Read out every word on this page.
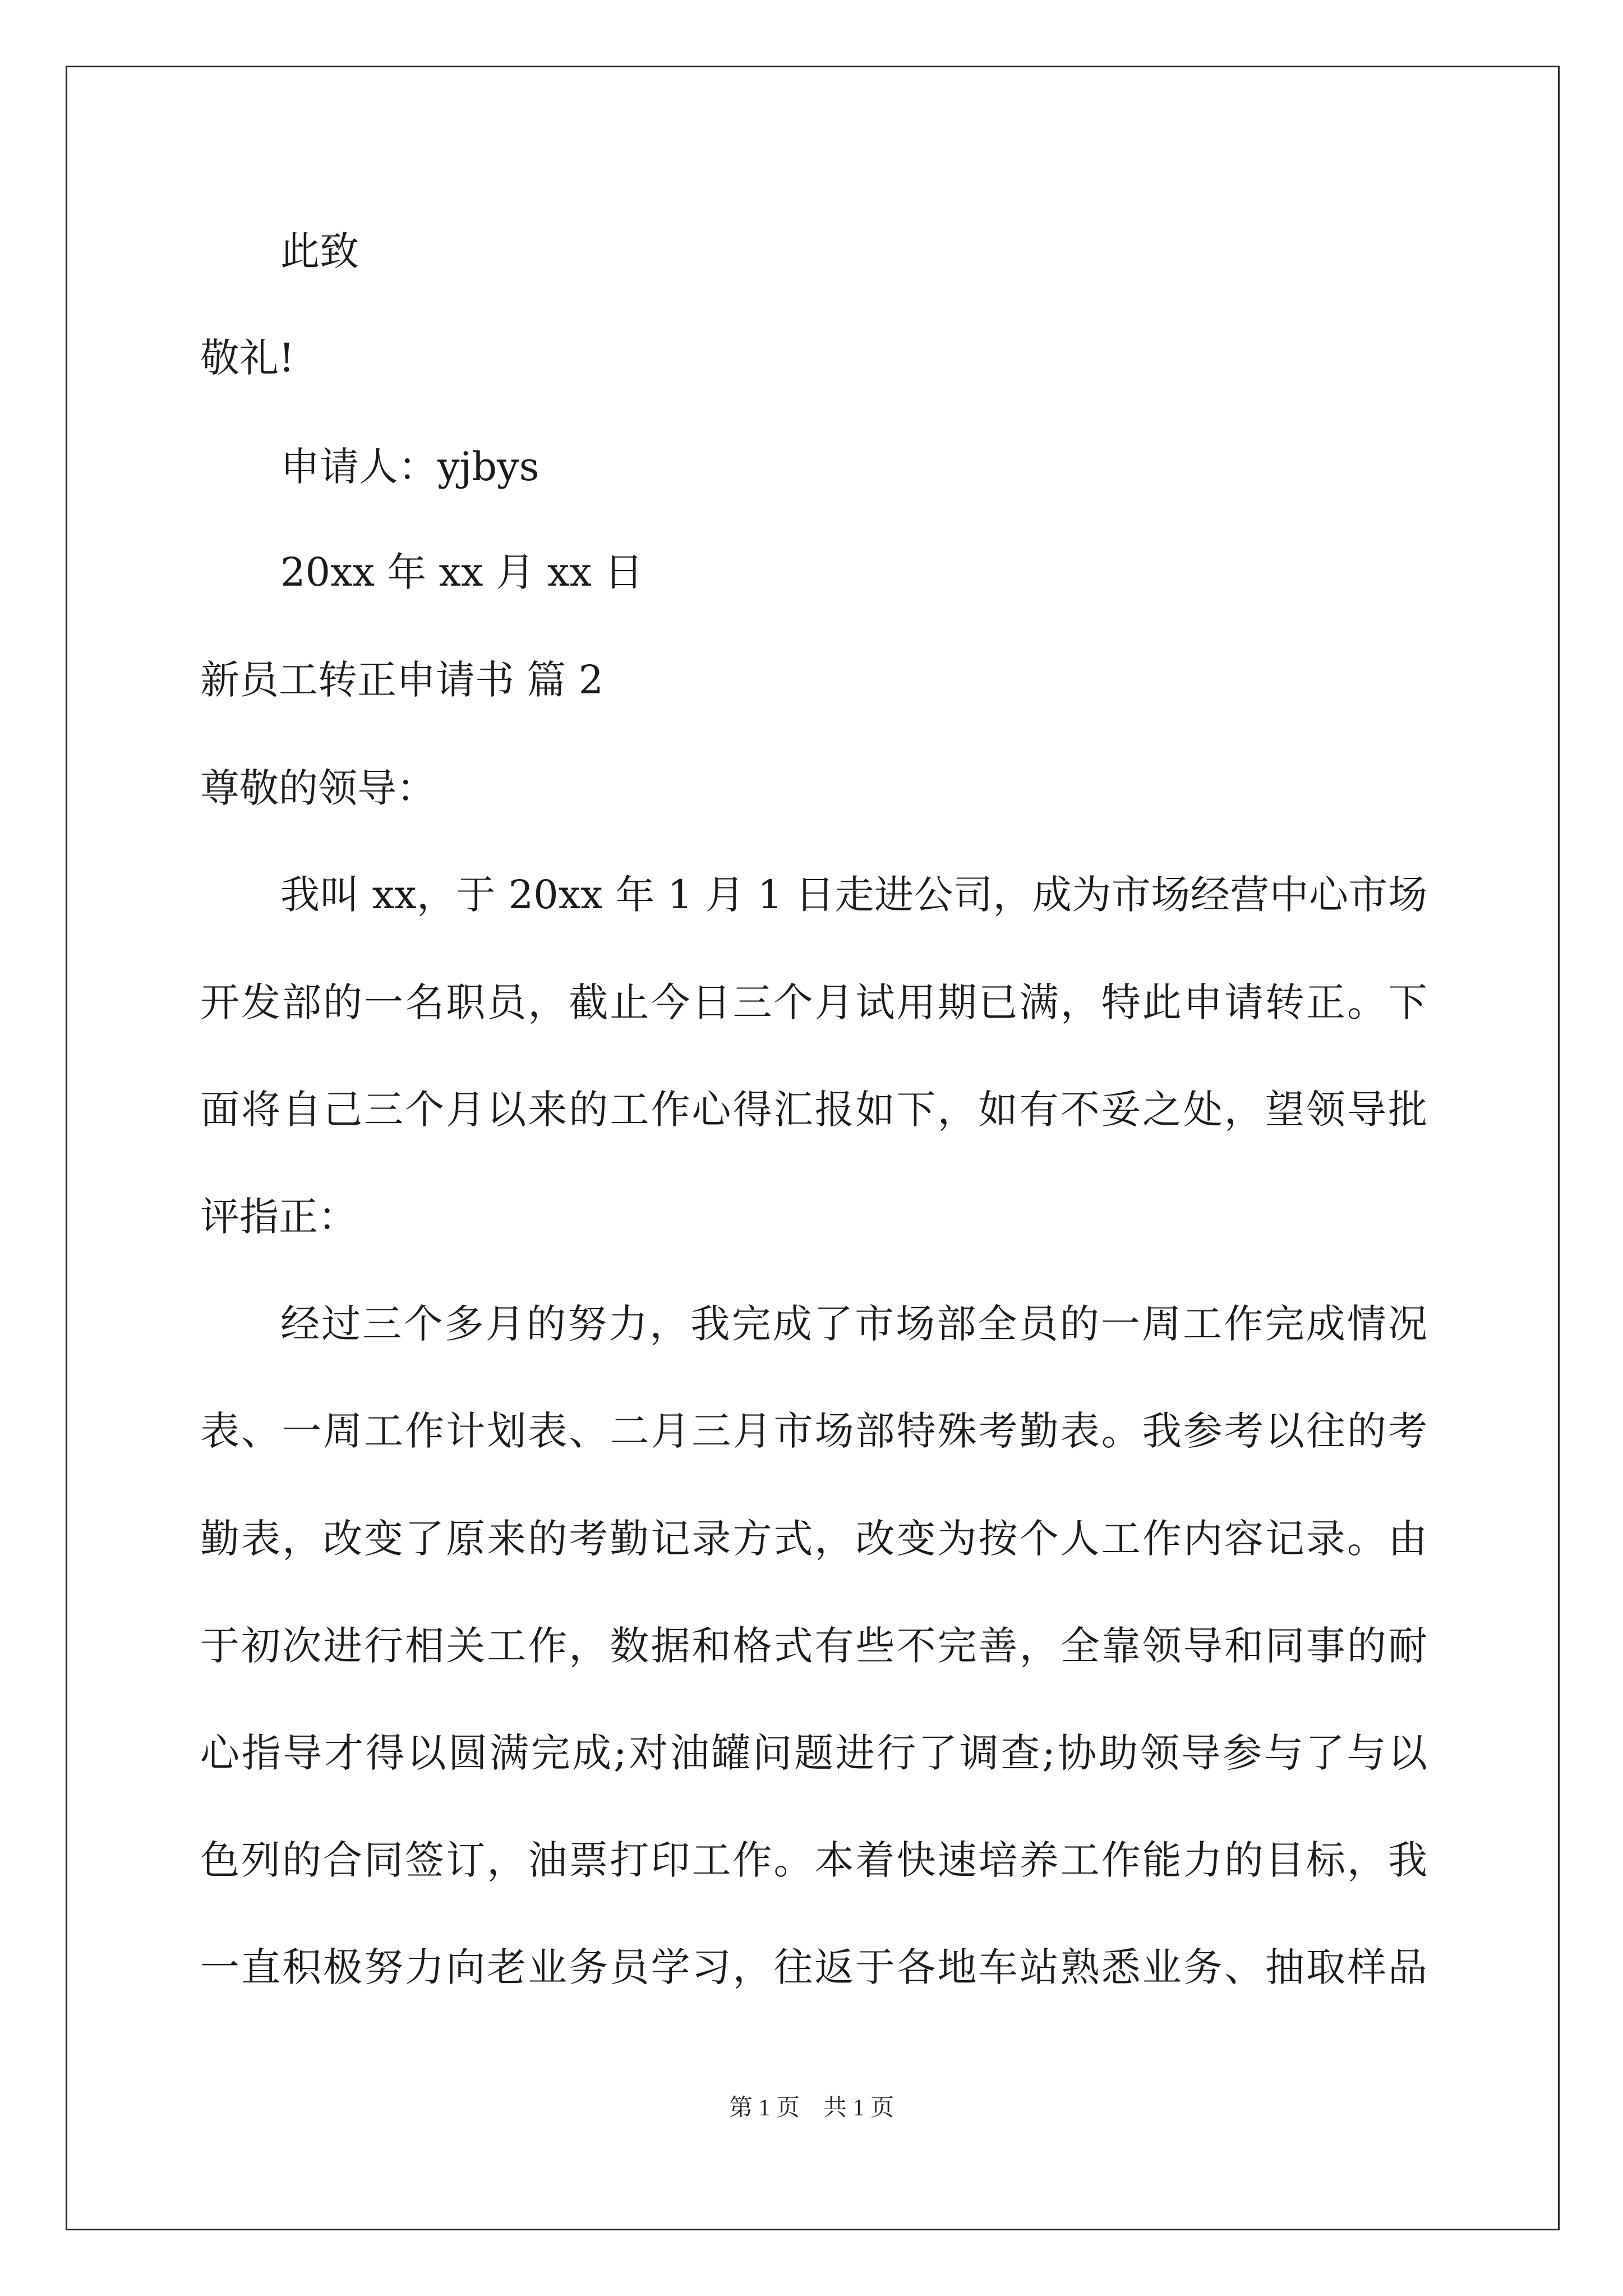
此致
敬礼!
申请人：yjbys
20xx 年 xx 月 xx 日
新员工转正申请书 篇 2
尊敬的领导：
我叫 xx，于 20xx 年 1 月 1 日走进公司，成为市场经营中心市场
开发部的一名职员，截止今日三个月试用期已满，特此申请转正。下
面将自己三个月以来的工作心得汇报如下，如有不妥之处，望领导批
评指正：
经过三个多月的努力，我完成了市场部全员的一周工作完成情况
表、一周工作计划表、二月三月市场部特殊考勤表。我参考以往的考
勤表，改变了原来的考勤记录方式，改变为按个人工作内容记录。由
于初次进行相关工作，数据和格式有些不完善，全靠领导和同事的耐
心指导才得以圆满完成;对油罐问题进行了调查;协助领导参与了与以
色列的合同签订，油票打印工作。本着快速培养工作能力的目标，我
一直积极努力向老业务员学习，往返于各地车站熟悉业务、抽取样品
第 1 页　共 1 页
